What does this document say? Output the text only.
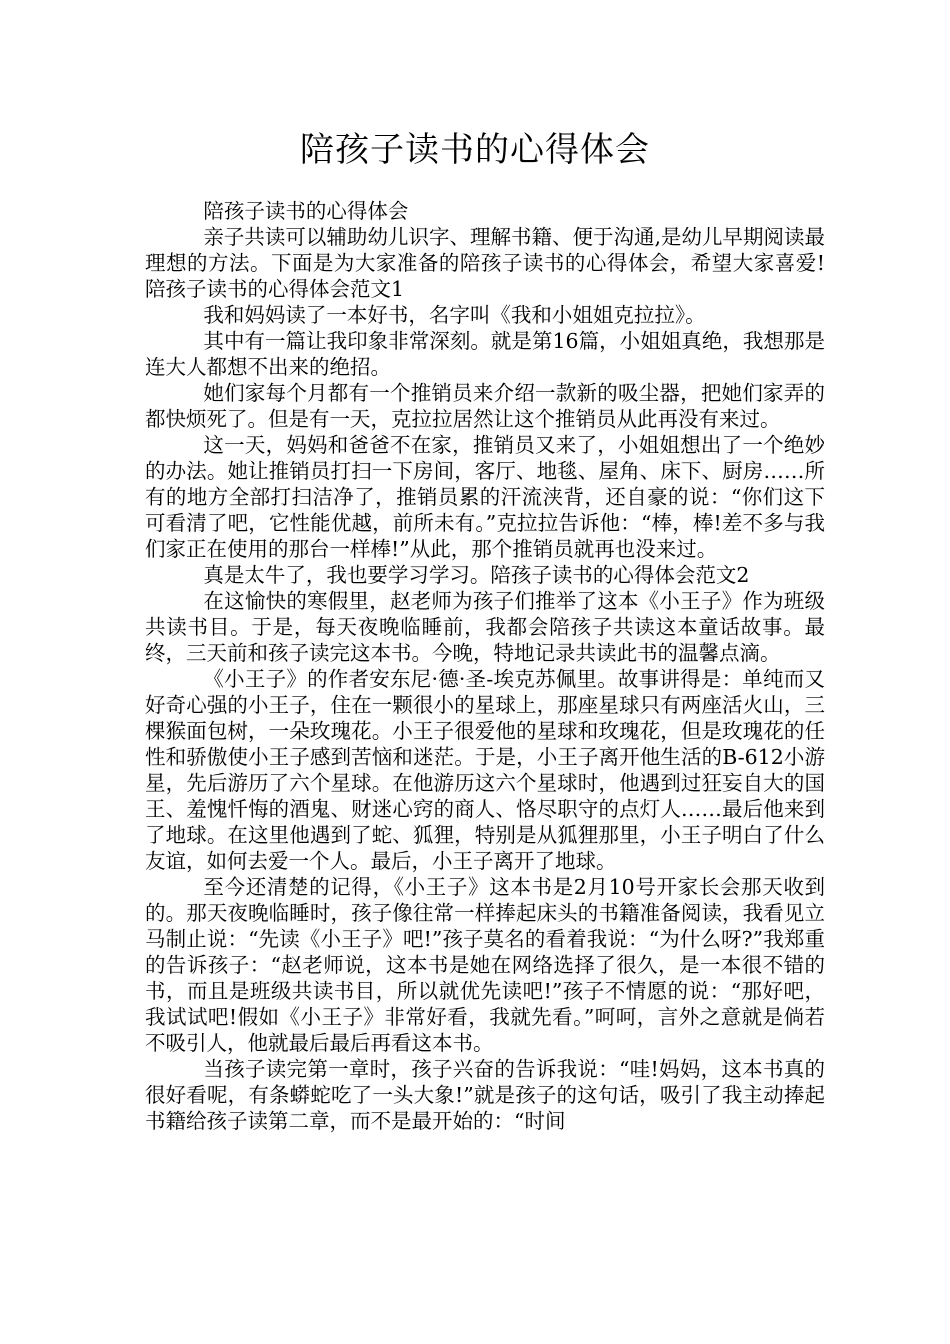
陪孩子读书的心得体会

陪孩子读书的心得体会

亲子共读可以辅助幼儿识字、理解书籍、便于沟通,是幼儿早期阅读最理想的方法。下面是为大家准备的陪孩子读书的心得体会，希望大家喜爱!陪孩子读书的心得体会范文1

我和妈妈读了一本好书，名字叫《我和小姐姐克拉拉》。

其中有一篇让我印象非常深刻。就是第16篇，小姐姐真绝，我想那是连大人都想不出来的绝招。

她们家每个月都有一个推销员来介绍一款新的吸尘器，把她们家弄的都快烦死了。但是有一天，克拉拉居然让这个推销员从此再没有来过。

这一天，妈妈和爸爸不在家，推销员又来了，小姐姐想出了一个绝妙的办法。她让推销员打扫一下房间，客厅、地毯、屋角、床下、厨房……所有的地方全部打扫洁净了，推销员累的汗流浃背，还自豪的说：“你们这下可看清了吧，它性能优越，前所未有。”克拉拉告诉他：“棒，棒!差不多与我们家正在使用的那台一样棒!”从此，那个推销员就再也没来过。

真是太牛了，我也要学习学习。陪孩子读书的心得体会范文2

在这愉快的寒假里，赵老师为孩子们推举了这本《小王子》作为班级共读书目。于是，每天夜晚临睡前，我都会陪孩子共读这本童话故事。最终，三天前和孩子读完这本书。今晚，特地记录共读此书的温馨点滴。

《小王子》的作者安东尼·德·圣-埃克苏佩里。故事讲得是：单纯而又好奇心强的小王子，住在一颗很小的星球上，那座星球只有两座活火山，三棵猴面包树，一朵玫瑰花。小王子很爱他的星球和玫瑰花，但是玫瑰花的任性和骄傲使小王子感到苦恼和迷茫。于是，小王子离开他生活的B-612小游星，先后游历了六个星球。在他游历这六个星球时，他遇到过狂妄自大的国王、羞愧忏悔的酒鬼、财迷心窍的商人、恪尽职守的点灯人……最后他来到了地球。在这里他遇到了蛇、狐狸，特别是从狐狸那里，小王子明白了什么友谊，如何去爱一个人。最后，小王子离开了地球。

至今还清楚的记得，《小王子》这本书是2月10号开家长会那天收到的。那天夜晚临睡时，孩子像往常一样捧起床头的书籍准备阅读，我看见立马制止说：“先读《小王子》吧!”孩子莫名的看着我说：“为什么呀?”我郑重的告诉孩子：“赵老师说，这本书是她在网络选择了很久，是一本很不错的书，而且是班级共读书目，所以就优先读吧!”孩子不情愿的说：“那好吧，我试试吧!假如《小王子》非常好看，我就先看。”呵呵，言外之意就是倘若不吸引人，他就最后最后再看这本书。

当孩子读完第一章时，孩子兴奋的告诉我说：“哇!妈妈，这本书真的很好看呢，有条蟒蛇吃了一头大象!”就是孩子的这句话，吸引了我主动捧起书籍给孩子读第二章，而不是最开始的：“时间
